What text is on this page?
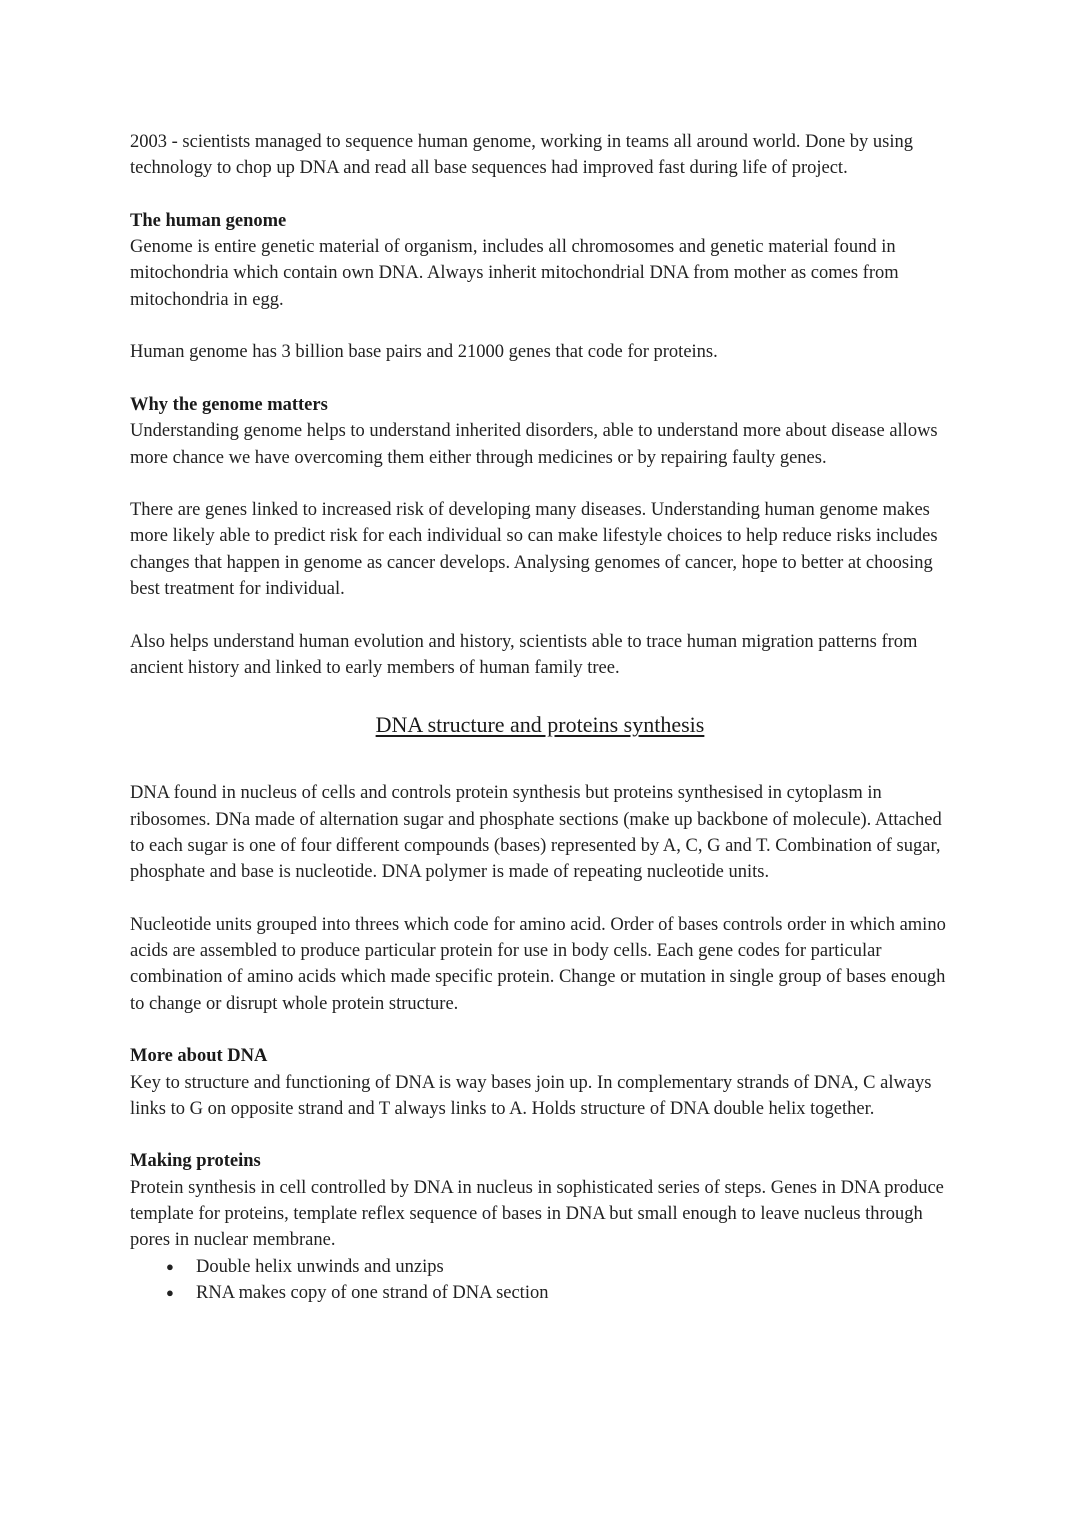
2003 - scientists managed to sequence human genome, working in teams all around world. Done by using technology to chop up DNA and read all base sequences had improved fast during life of project.

The human genome

Genome is entire genetic material of organism, includes all chromosomes and genetic material found in mitochondria which contain own DNA. Always inherit mitochondrial DNA from mother as comes from mitochondria in egg.

Human genome has 3 billion base pairs and 21000 genes that code for proteins.

Why the genome matters

Understanding genome helps to understand inherited disorders, able to understand more about disease allows more chance we have overcoming them either through medicines or by repairing faulty genes.

There are genes linked to increased risk of developing many diseases. Understanding human genome makes more likely able to predict risk for each individual so can make lifestyle choices to help reduce risks includes changes that happen in genome as cancer develops. Analysing genomes of cancer, hope to better at choosing best treatment for individual.

Also helps understand human evolution and history, scientists able to trace human migration patterns from ancient history and linked to early members of human family tree.

DNA structure and proteins synthesis

DNA found in nucleus of cells and controls protein synthesis but proteins synthesised in cytoplasm in ribosomes. DNa made of alternation sugar and phosphate sections (make up backbone of molecule). Attached to each sugar is one of four different compounds (bases) represented by A, C, G and T. Combination of sugar, phosphate and base is nucleotide. DNA polymer is made of repeating nucleotide units.

Nucleotide units grouped into threes which code for amino acid. Order of bases controls order in which amino acids are assembled to produce particular protein for use in body cells. Each gene codes for particular combination of amino acids which made specific protein. Change or mutation in single group of bases enough to change or disrupt whole protein structure.

More about DNA

Key to structure and functioning of DNA is way bases join up. In complementary strands of DNA, C always links to G on opposite strand and T always links to A. Holds structure of DNA double helix together.

Making proteins

Protein synthesis in cell controlled by DNA in nucleus in sophisticated series of steps. Genes in DNA produce template for proteins, template reflex sequence of bases in DNA but small enough to leave nucleus through pores in nuclear membrane.

● Double helix unwinds and unzips
● RNA makes copy of one strand of DNA section
